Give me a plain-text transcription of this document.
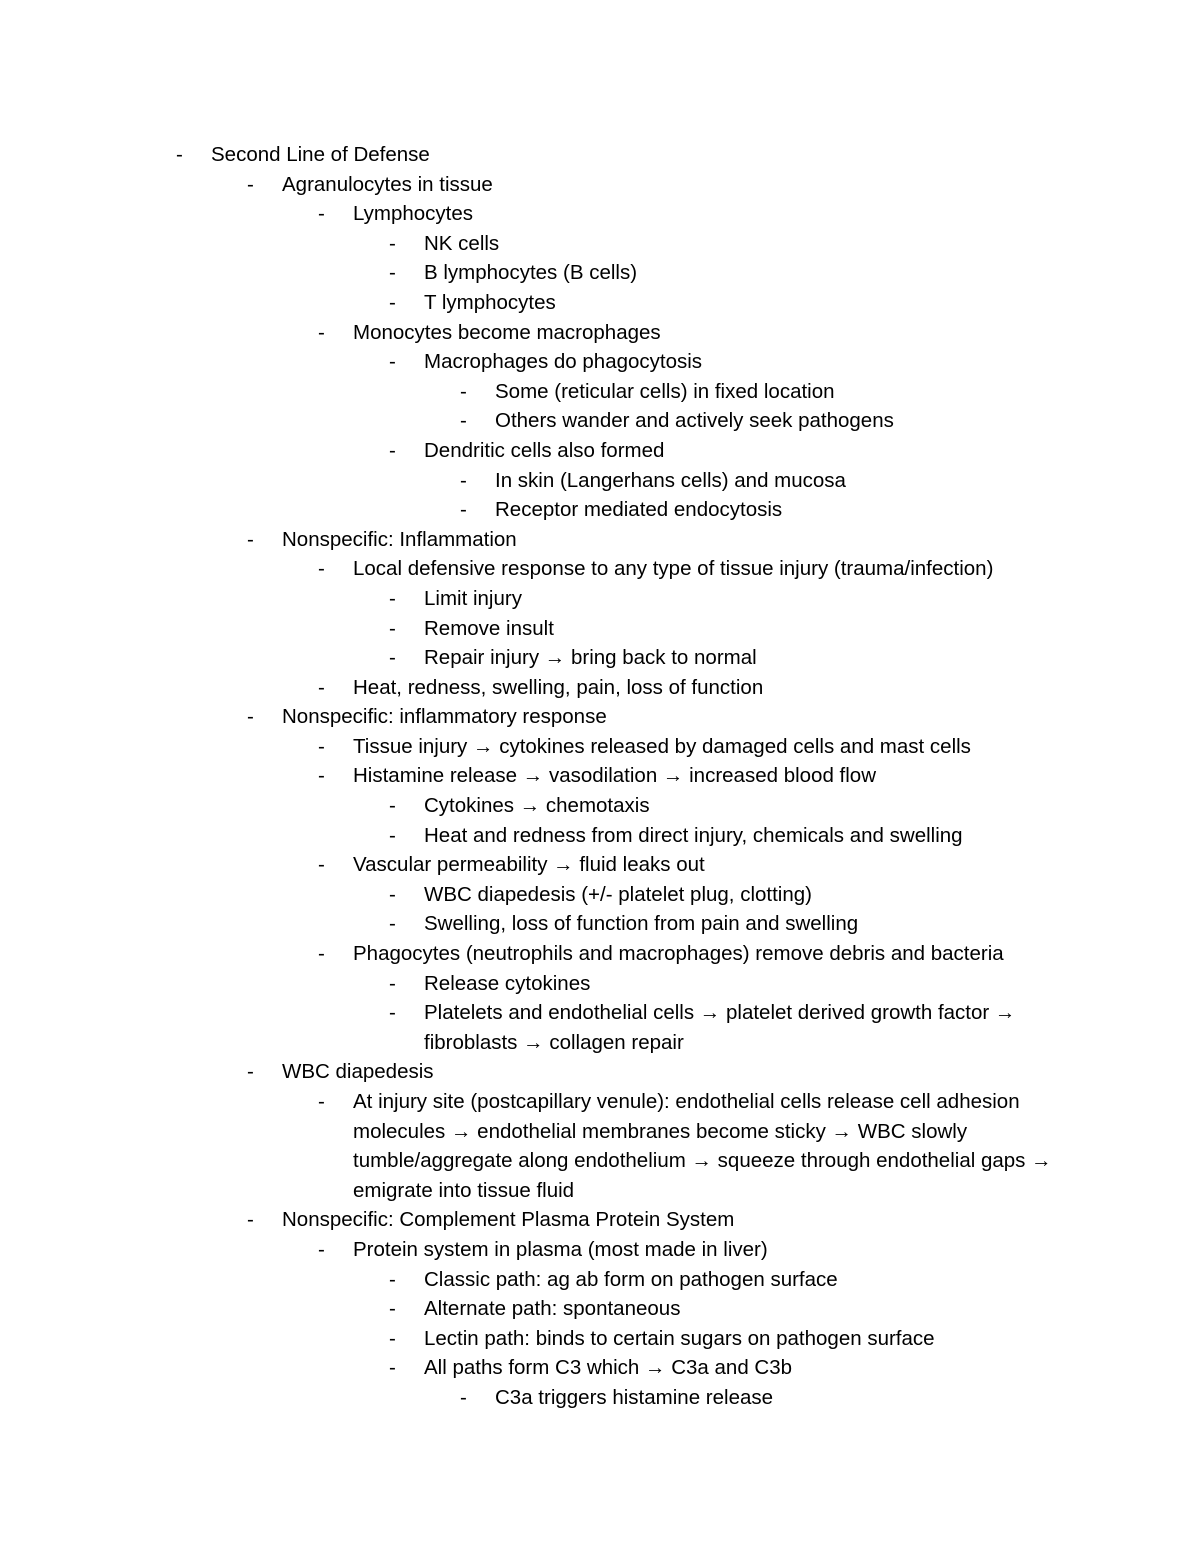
-	Second Line of Defense
-	Agranulocytes in tissue
-	Lymphocytes
-	NK cells
-	B lymphocytes (B cells)
-	T lymphocytes
-	Monocytes become macrophages
-	Macrophages do phagocytosis
-	Some (reticular cells) in fixed location
-	Others wander and actively seek pathogens
-	Dendritic cells also formed
-	In skin (Langerhans cells) and mucosa
-	Receptor mediated endocytosis
-	Nonspecific: Inflammation
-	Local defensive response to any type of tissue injury (trauma/infection)
-	Limit injury
-	Remove insult
-	Repair injury → bring back to normal
-	Heat, redness, swelling, pain, loss of function
-	Nonspecific: inflammatory response
-	Tissue injury → cytokines released by damaged cells and mast cells
-	Histamine release → vasodilation → increased blood flow
-	Cytokines → chemotaxis
-	Heat and redness from direct injury, chemicals and swelling
-	Vascular permeability → fluid leaks out
-	WBC diapedesis (+/- platelet plug, clotting)
-	Swelling, loss of function from pain and swelling
-	Phagocytes (neutrophils and macrophages) remove debris and bacteria
-	Release cytokines
-	Platelets and endothelial cells → platelet derived growth factor → fibroblasts → collagen repair
-	WBC diapedesis
-	At injury site (postcapillary venule): endothelial cells release cell adhesion molecules → endothelial membranes become sticky → WBC slowly tumble/aggregate along endothelium → squeeze through endothelial gaps → emigrate into tissue fluid
-	Nonspecific: Complement Plasma Protein System
-	Protein system in plasma (most made in liver)
-	Classic path: ag ab form on pathogen surface
-	Alternate path: spontaneous
-	Lectin path: binds to certain sugars on pathogen surface
-	All paths form C3 which → C3a and C3b
-	C3a triggers histamine release
